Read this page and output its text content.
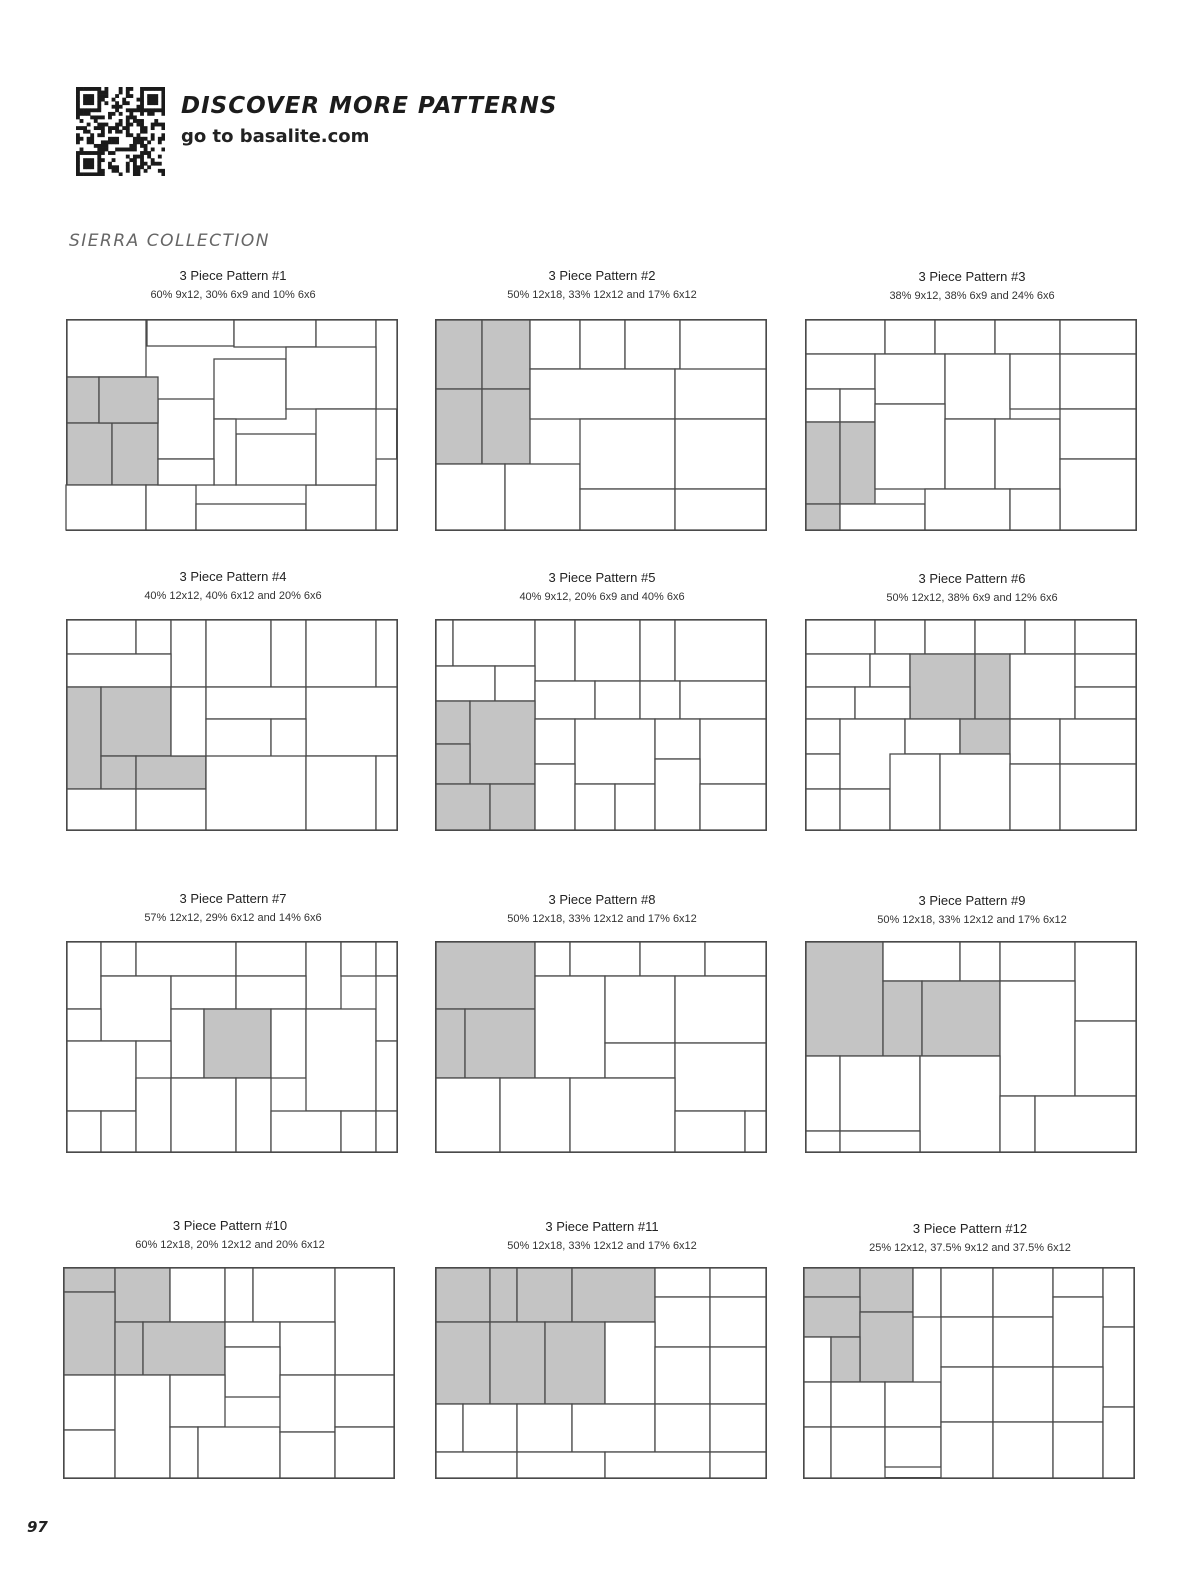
DISCOVER MORE PATTERNS
go to basalite.com
SIERRA COLLECTION
3 Piece Pattern #1
60% 9x12, 30% 6x9 and 10% 6x6
3 Piece Pattern #2
50% 12x18, 33% 12x12 and 17% 6x12
3 Piece Pattern #3
38% 9x12, 38% 6x9 and 24% 6x6
3 Piece Pattern #4
40% 12x12, 40% 6x12 and 20% 6x6
3 Piece Pattern #5
40% 9x12, 20% 6x9 and 40% 6x6
3 Piece Pattern #6
50% 12x12, 38% 6x9 and 12% 6x6
3 Piece Pattern #7
57% 12x12, 29% 6x12 and 14% 6x6
3 Piece Pattern #8
50% 12x18, 33% 12x12 and 17% 6x12
3 Piece Pattern #9
50% 12x18, 33% 12x12 and 17% 6x12
3 Piece Pattern #10
60% 12x18, 20% 12x12 and 20% 6x12
3 Piece Pattern #11
50% 12x18, 33% 12x12 and 17% 6x12
3 Piece Pattern #12
25% 12x12, 37.5% 9x12 and 37.5% 6x12
97
